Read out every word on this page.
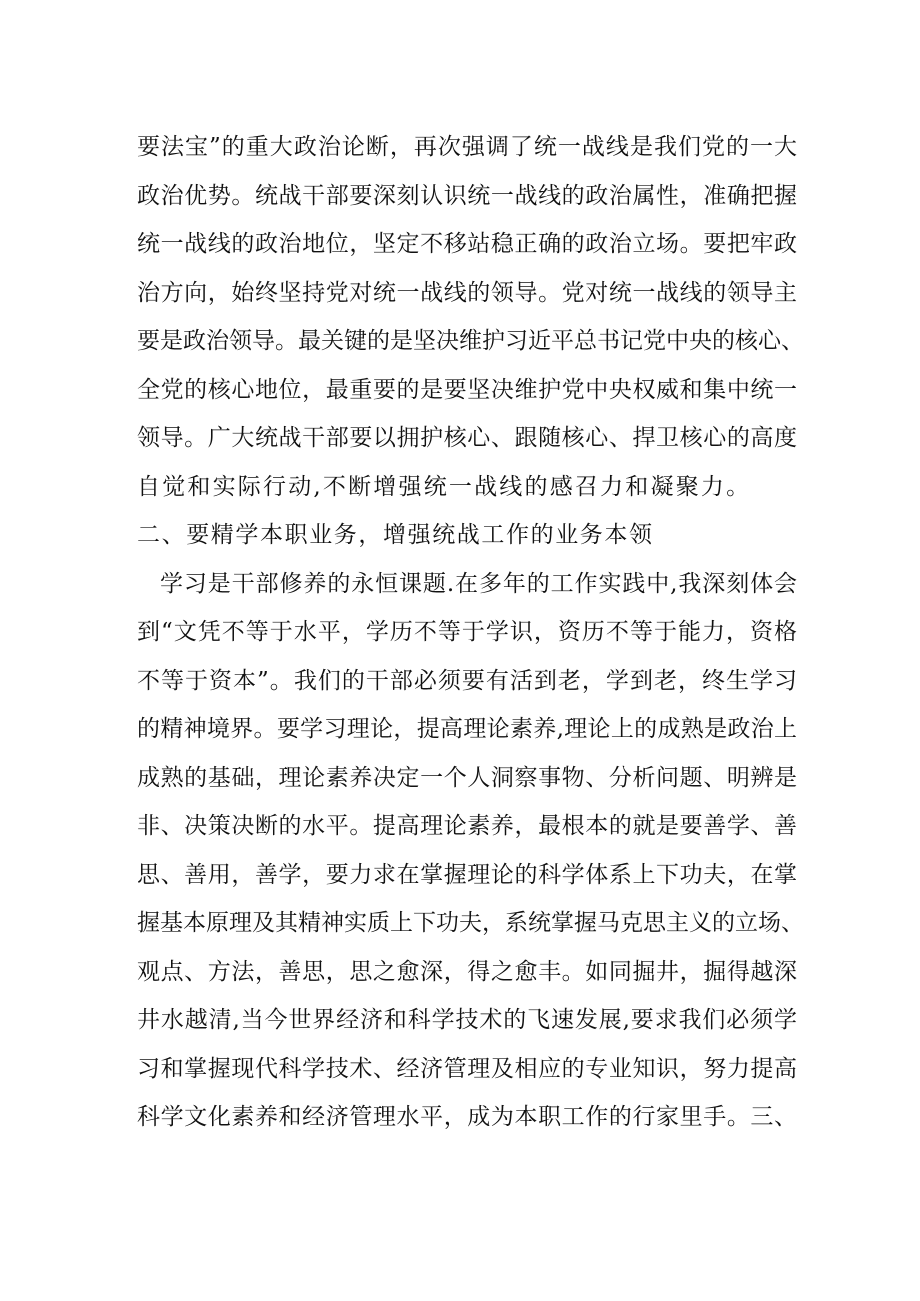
要法宝”的重大政治论断，再次强调了统一战线是我们党的一大
政治优势。统战干部要深刻认识统一战线的政治属性，准确把握
统一战线的政治地位，坚定不移站稳正确的政治立场。要把牢政
治方向，始终坚持党对统一战线的领导。党对统一战线的领导主
要是政治领导。最关键的是坚决维护习近平总书记党中央的核心、
全党的核心地位，最重要的是要坚决维护党中央权威和集中统一
领导。广大统战干部要以拥护核心、跟随核心、捍卫核心的高度
自觉和实际行动,不断增强统一战线的感召力和凝聚力。
二、要精学本职业务，增强统战工作的业务本领
学习是干部修养的永恒课题.在多年的工作实践中,我深刻体会
到“文凭不等于水平，学历不等于学识，资历不等于能力，资格
不等于资本”。我们的干部必须要有活到老，学到老，终生学习
的精神境界。要学习理论，提高理论素养,理论上的成熟是政治上
成熟的基础，理论素养决定一个人洞察事物、分析问题、明辨是
非、决策决断的水平。提高理论素养，最根本的就是要善学、善
思、善用，善学，要力求在掌握理论的科学体系上下功夫，在掌
握基本原理及其精神实质上下功夫，系统掌握马克思主义的立场、
观点、方法，善思，思之愈深，得之愈丰。如同掘井，掘得越深
井水越清,当今世界经济和科学技术的飞速发展,要求我们必须学
习和掌握现代科学技术、经济管理及相应的专业知识，努力提高
科学文化素养和经济管理水平，成为本职工作的行家里手。三、
